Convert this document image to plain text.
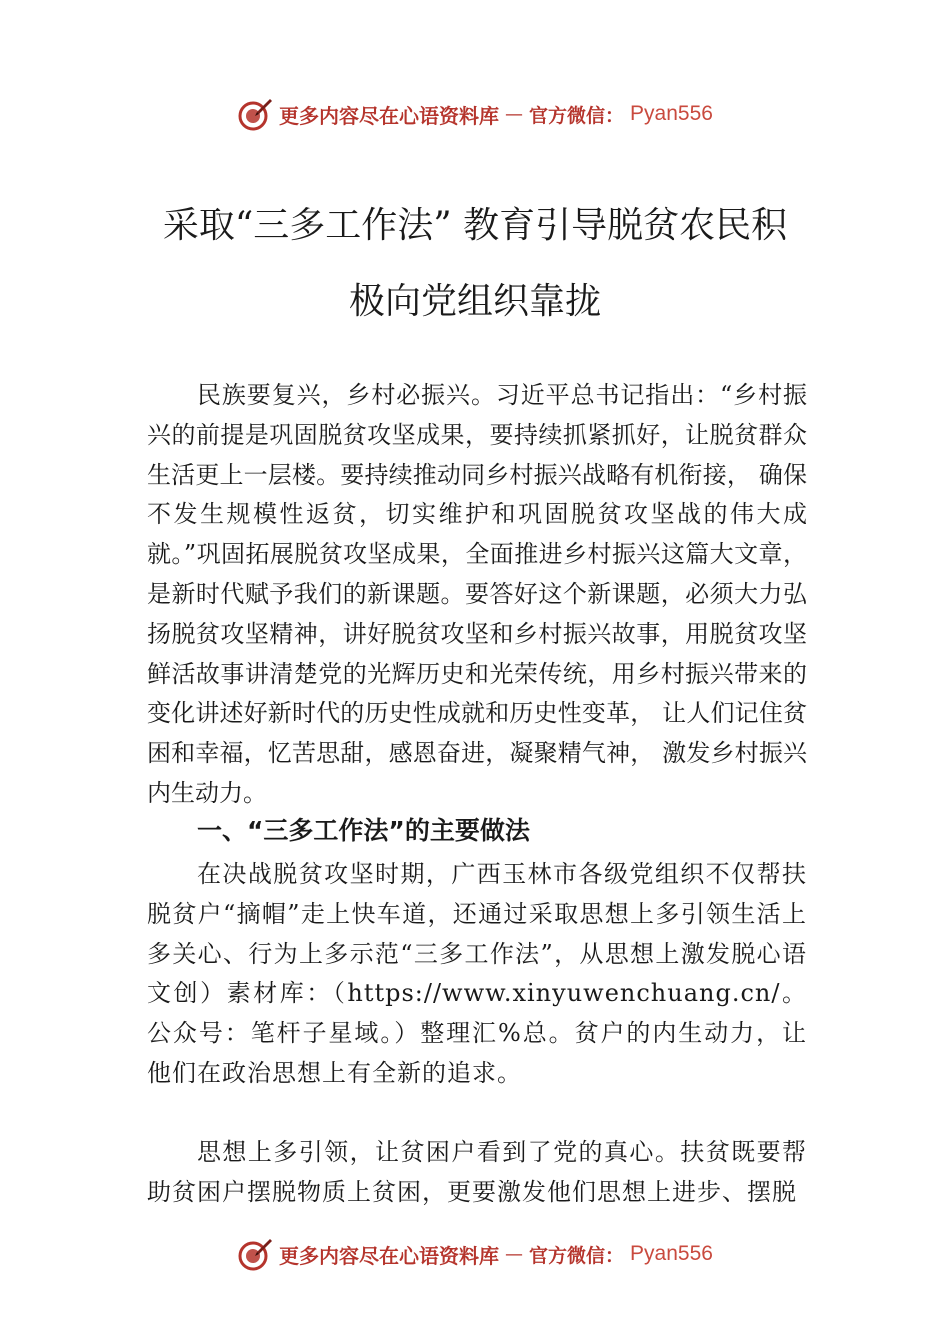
更多内容尽在心语资料库 — 官方微信： Pyan556
采取“三多工作法” 教育引导脱贫农民积
极向党组织靠拢
民族要复兴，乡村必振兴。习近平总书记指出：“乡村振兴的前提是巩固脱贫攻坚成果，要持续抓紧抓好，让脱贫群众生活更上一层楼。要持续推动同乡村振兴战略有机衔接， 确保不发生规模性返贫，切实维护和巩固脱贫攻坚战的伟大成就。”巩固拓展脱贫攻坚成果，全面推进乡村振兴这篇大文章，是新时代赋予我们的新课题。要答好这个新课题，必须大力弘扬脱贫攻坚精神，讲好脱贫攻坚和乡村振兴故事，用脱贫攻坚鲜活故事讲清楚党的光辉历史和光荣传统，用乡村振兴带来的变化讲述好新时代的历史性成就和历史性变革， 让人们记住贫困和幸福，忆苦思甜，感恩奋进，凝聚精气神， 激发乡村振兴内生动力。
一、“三多工作法”的主要做法
在决战脱贫攻坚时期，广西玉林市各级党组织不仅帮扶脱贫户“摘帽”走上快车道，还通过采取思想上多引领生活上多关心、行为上多示范“三多工作法”，从思想上激发脱心语文创）素材库：（https://www.xinyuwenchuang.cn/。公众号：笔杆子星域。）整理汇%总。贫户的内生动力，让他们在政治思想上有全新的追求。
思想上多引领，让贫困户看到了党的真心。扶贫既要帮助贫困户摆脱物质上贫困，更要激发他们思想上进步、摆脱
更多内容尽在心语资料库 — 官方微信： Pyan556
